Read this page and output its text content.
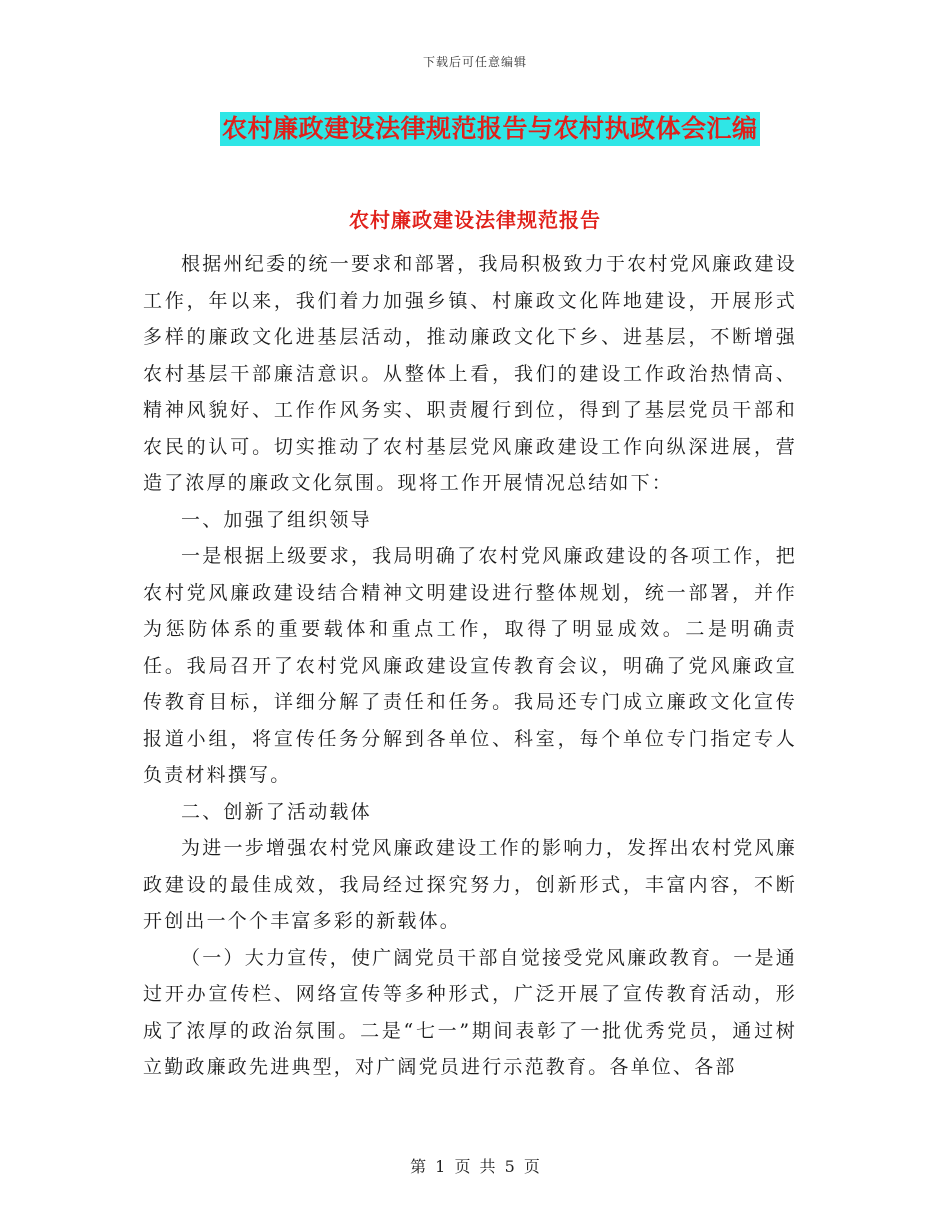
下载后可任意编辑
农村廉政建设法律规范报告与农村执政体会汇编
农村廉政建设法律规范报告

根据州纪委的统一要求和部署，我局积极致力于农村党风廉政建设工作，年以来，我们着力加强乡镇、村廉政文化阵地建设，开展形式多样的廉政文化进基层活动，推动廉政文化下乡、进基层，不断增强农村基层干部廉洁意识。从整体上看，我们的建设工作政治热情高、精神风貌好、工作作风务实、职责履行到位，得到了基层党员干部和农民的认可。切实推动了农村基层党风廉政建设工作向纵深进展，营造了浓厚的廉政文化氛围。现将工作开展情况总结如下：

一、加强了组织领导

一是根据上级要求，我局明确了农村党风廉政建设的各项工作，把农村党风廉政建设结合精神文明建设进行整体规划，统一部署，并作为惩防体系的重要载体和重点工作，取得了明显成效。二是明确责任。我局召开了农村党风廉政建设宣传教育会议，明确了党风廉政宣传教育目标，详细分解了责任和任务。我局还专门成立廉政文化宣传报道小组，将宣传任务分解到各单位、科室，每个单位专门指定专人负责材料撰写。

二、创新了活动载体

为进一步增强农村党风廉政建设工作的影响力，发挥出农村党风廉政建设的最佳成效，我局经过探究努力，创新形式，丰富内容，不断开创出一个个丰富多彩的新载体。

（一）大力宣传，使广阔党员干部自觉接受党风廉政教育。一是通过开办宣传栏、网络宣传等多种形式，广泛开展了宣传教育活动，形成了浓厚的政治氛围。二是“七一”期间表彰了一批优秀党员，通过树立勤政廉政先进典型，对广阔党员进行示范教育。各单位、各部

第 1 页 共 5 页
